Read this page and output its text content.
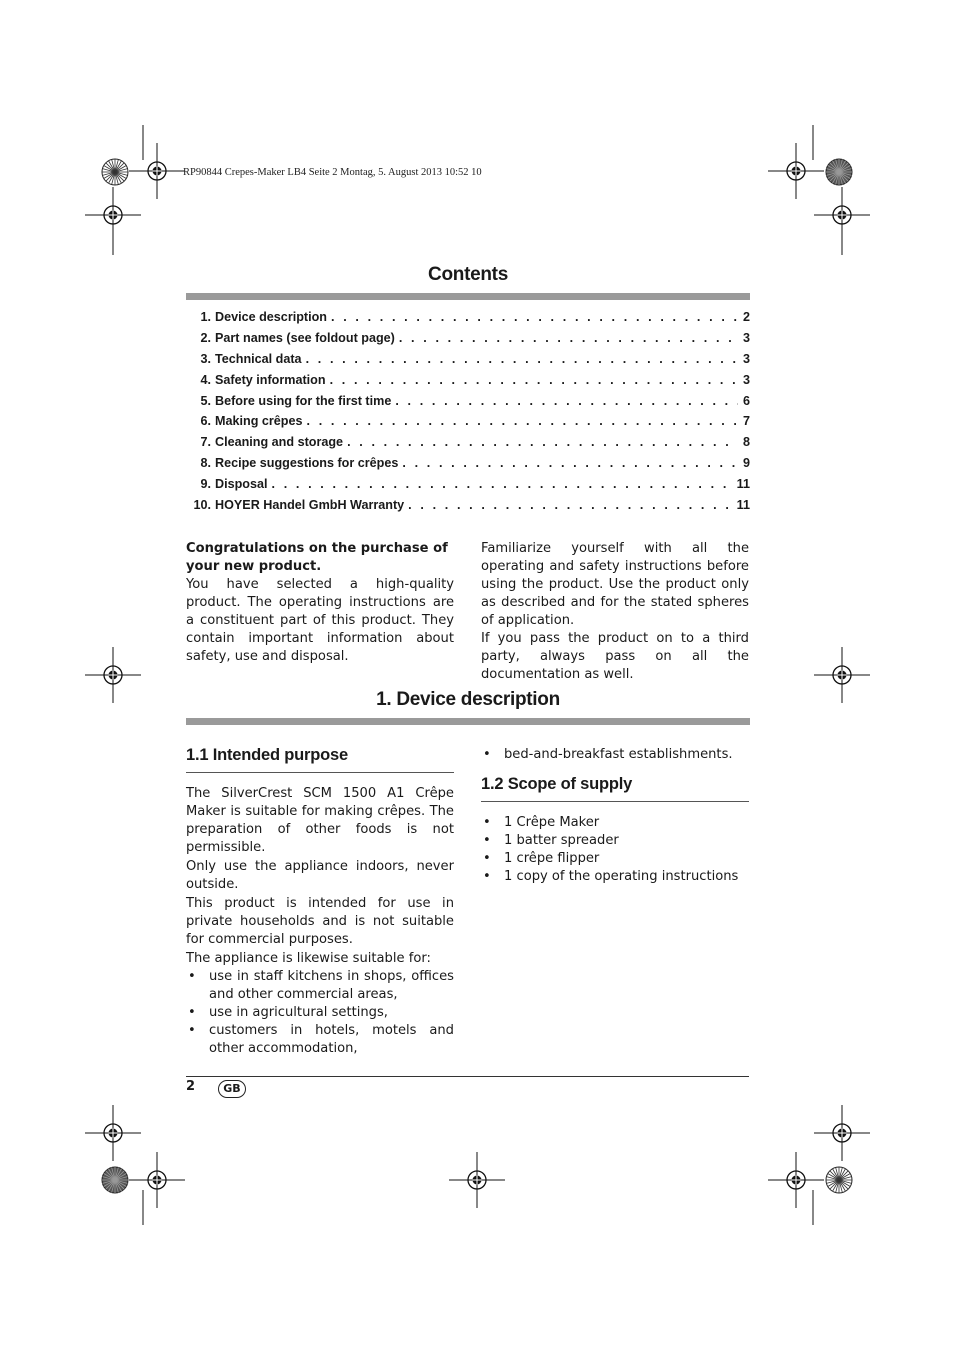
RP90844 Crepes-Maker LB4 Seite 2 Montag, 5. August 2013 10:52 10
Contents
1. Device description . . .	2
2. Part names (see foldout page) . . .	3
3. Technical data . . .	3
4. Safety information . . .	3
5. Before using for the first time . . .	6
6. Making crêpes . . .	7
7. Cleaning and storage . . .	8
8. Recipe suggestions for crêpes . . .	9
9. Disposal . . .	11
10. HOYER Handel GmbH Warranty . . .	11

Congratulations on the purchase of your new product.

You have selected a high-quality product. The operating instructions are a constituent part of this product. They contain important information about safety, use and disposal.

Familiarize yourself with all the operating and safety instructions before using the product. Use the product only as described and for the stated spheres of application.

If you pass the product on to a third party, always pass on all the documentation as well.

1. Device description
1.1 Intended purpose

The SilverCrest SCM 1500 A1 Crêpe Maker is suitable for making crêpes. The preparation of other foods is not permissible.

Only use the appliance indoors, never outside.

This product is intended for use in private households and is not suitable for commercial purposes.

The appliance is likewise suitable for:

• use in staff kitchens in shops, offices and other commercial areas,
• use in agricultural settings,
• customers in hotels, motels and other accommodation,
• bed-and-breakfast establishments.
1.2 Scope of supply
• 1 Crêpe Maker
• 1 batter spreader
• 1 crêpe flipper
• 1 copy of the operating instructions
2	GB
